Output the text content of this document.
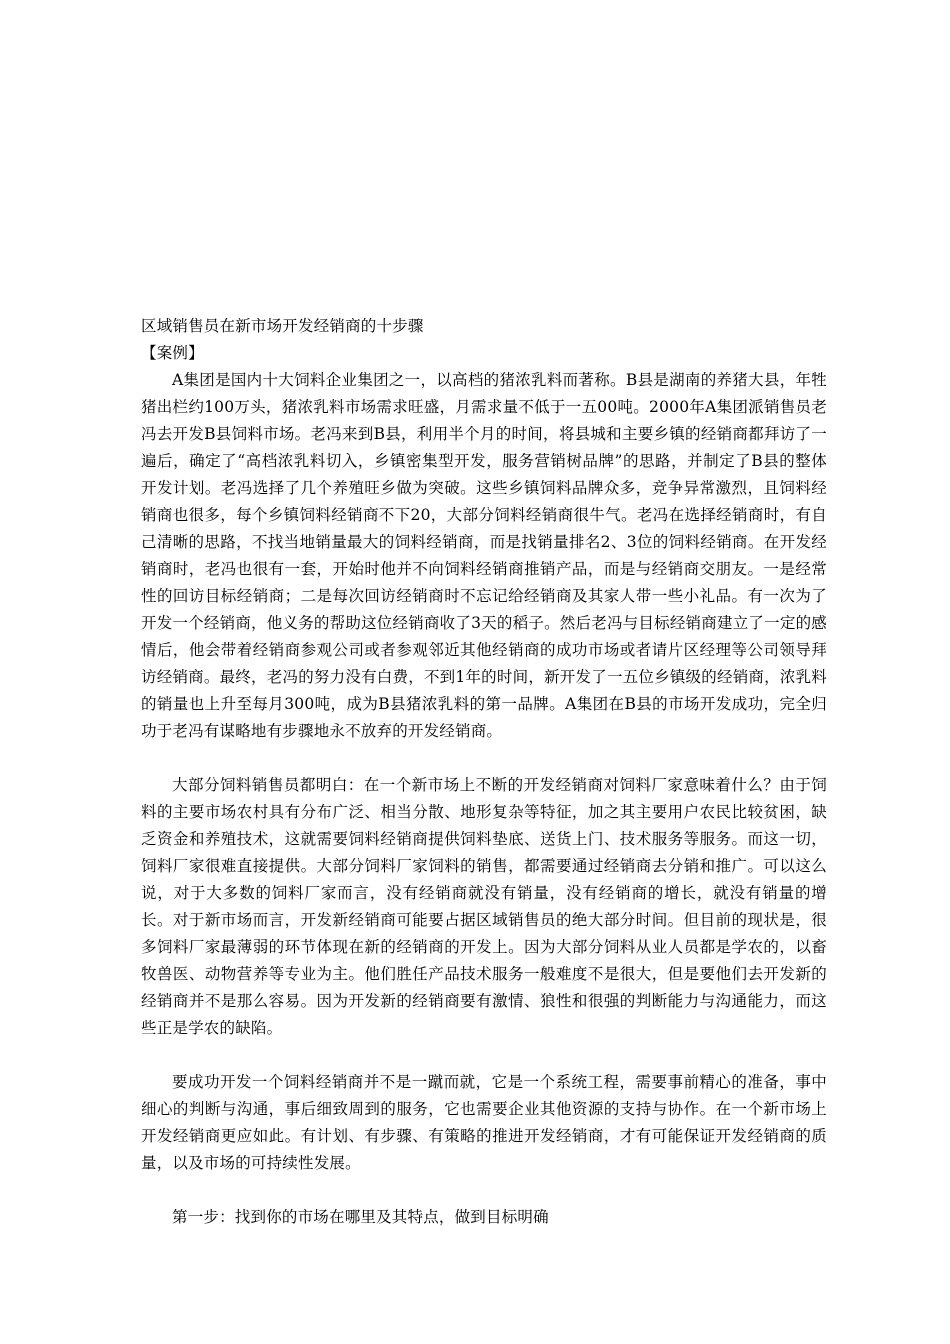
区域销售员在新市场开发经销商的十步骤
【案例】

A集团是国内十大饲料企业集团之一，以高档的猪浓乳料而著称。B县是湖南的养猪大县，年牲猪出栏约100万头，猪浓乳料市场需求旺盛，月需求量不低于一五00吨。2000年A集团派销售员老冯去开发B县饲料市场。老冯来到B县，利用半个月的时间，将县城和主要乡镇的经销商都拜访了一遍后，确定了“高档浓乳料切入，乡镇密集型开发，服务营销树品牌”的思路，并制定了B县的整体开发计划。老冯选择了几个养殖旺乡做为突破。这些乡镇饲料品牌众多，竞争异常激烈，且饲料经销商也很多，每个乡镇饲料经销商不下20，大部分饲料经销商很牛气。老冯在选择经销商时，有自己清晰的思路，不找当地销量最大的饲料经销商，而是找销量排名2、3位的饲料经销商。在开发经销商时，老冯也很有一套，开始时他并不向饲料经销商推销产品，而是与经销商交朋友。一是经常性的回访目标经销商；二是每次回访经销商时不忘记给经销商及其家人带一些小礼品。有一次为了开发一个经销商，他义务的帮助这位经销商收了3天的稻子。然后老冯与目标经销商建立了一定的感情后，他会带着经销商参观公司或者参观邻近其他经销商的成功市场或者请片区经理等公司领导拜访经销商。最终，老冯的努力没有白费，不到1年的时间，新开发了一五位乡镇级的经销商，浓乳料的销量也上升至每月300吨，成为B县猪浓乳料的第一品牌。A集团在B县的市场开发成功，完全归功于老冯有谋略地有步骤地永不放弃的开发经销商。

大部分饲料销售员都明白：在一个新市场上不断的开发经销商对饲料厂家意味着什么？由于饲料的主要市场农村具有分布广泛、相当分散、地形复杂等特征，加之其主要用户农民比较贫困，缺乏资金和养殖技术，这就需要饲料经销商提供饲料垫底、送货上门、技术服务等服务。而这一切，饲料厂家很难直接提供。大部分饲料厂家饲料的销售，都需要通过经销商去分销和推广。可以这么说，对于大多数的饲料厂家而言，没有经销商就没有销量，没有经销商的增长，就没有销量的增长。对于新市场而言，开发新经销商可能要占据区域销售员的绝大部分时间。但目前的现状是，很多饲料厂家最薄弱的环节体现在新的经销商的开发上。因为大部分饲料从业人员都是学农的，以畜牧兽医、动物营养等专业为主。他们胜任产品技术服务一般难度不是很大，但是要他们去开发新的经销商并不是那么容易。因为开发新的经销商要有激情、狼性和很强的判断能力与沟通能力，而这些正是学农的缺陷。

要成功开发一个饲料经销商并不是一蹴而就，它是一个系统工程，需要事前精心的准备，事中细心的判断与沟通，事后细致周到的服务，它也需要企业其他资源的支持与协作。在一个新市场上开发经销商更应如此。有计划、有步骤、有策略的推进开发经销商，才有可能保证开发经销商的质量，以及市场的可持续性发展。

第一步：找到你的市场在哪里及其特点，做到目标明确
